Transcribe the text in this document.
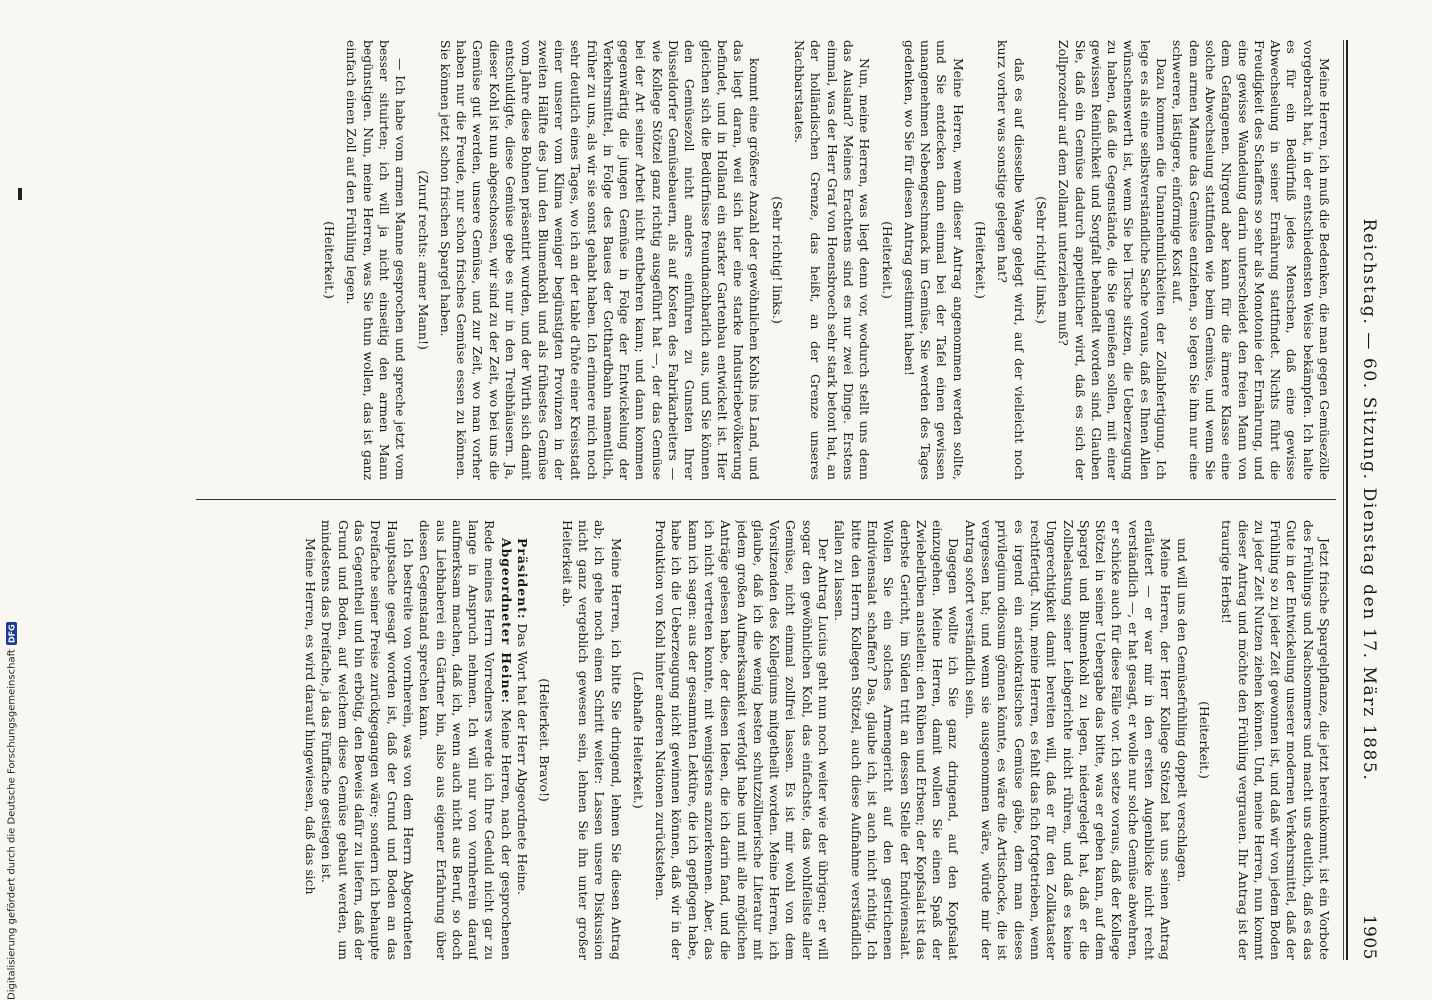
Reichstag. — 60. Sitzung. Dienstag den 17. März 1885.
1905

Meine Herren, ich muß die Bedenken, die man gegen Gemüsezölle vorgebracht hat, in der entschiedensten Weise bekämpfen. Ich halte es für ein Bedürfniß jedes Menschen, daß eine gewisse Abwechselung in seiner Ernährung stattfindet. Nichts führt die Freudigkeit des Schaffens so sehr als Monotonie der Ernährung, und eine gewisse Wandelung darin unterscheidet den freien Mann von dem Gefangenen. Nirgend aber kann für die ärmere Klasse eine solche Abwechselung stattfinden wie beim Gemüse, und wenn Sie dem armen Manne das Gemüse entziehen, so legen Sie ihm nur eine schwerere, lästigere, einförmige Kost auf.

Dazu kommen die Unannehmlichkeiten der Zollabfertigung. Ich lege es als eine selbstverständliche Sache voraus, daß es Ihnen Allen wünschenswerth ist, wenn Sie bei Tische sitzen, die Ueberzeugung zu haben, daß die Gegenstände, die Sie genießen sollen, mit einer gewissen Reinlichkeit und Sorgfalt behandelt worden sind. Glauben Sie, daß ein Gemüse dadurch appetitlicher wird, daß es sich der Zollprozedur auf dem Zollamt unterziehen muß?

(Sehr richtig! links.)

daß es auf diesselbe Waage gelegt wird, auf der vielleicht noch kurz vorher was sonstige gelegen hat?

(Heiterkeit.)

Meine Herren, wenn dieser Antrag angenommen werden sollte, und Sie entdecken dann einmal bei der Tafel einen gewissen unangenehmen Nebengeschmack im Gemüse, Sie werden des Tages gedenken, wo Sie für diesen Antrag gestimmt haben!

(Heiterkeit.)

Nun, meine Herren, was liegt denn vor, wodurch stellt uns denn das Ausland? Meines Erachtens sind es nur zwei Dinge. Erstens einmal, was der Herr Graf von Hoensbroech sehr stark betont hat, an der holländischen Grenze, das heißt, an der Grenze unseres Nachbarstaates.

(Sehr richtig! links.)

kommt eine größere Anzahl der gewöhnlichen Kohls ins Land, und das liegt daran, weil sich hier eine starke Industriebevölkerung befindet, und in Holland ein starker Gartenbau entwickelt ist. Hier gleichen sich die Bedürfnisse freundnachbarlich aus, und Sie können den Gemüsezoll nicht anders einführen zu Gunsten Ihrer Düsseldorfer Gemüsebauern, als auf Kosten des Fabrikarbeiters — wie Kollege Stötzel ganz richtig ausgeführt hat —, der das Gemüse bei der Art seiner Arbeit nicht entbehren kann; und dann kommen gegenwärtig die jungen Gemüse in Folge der Entwickelung der Verkehrsmittel, in Folge des Baues der Gotthardbahn namentlich, früher zu uns, als wir sie sonst gehabt haben. Ich erinnere mich noch sehr deutlich eines Tages, wo ich an der table d'hôte einer Kreisstadt einer unserer vom Klima weniger begünstigten Provinzen in der zweiten Hälfte des Juni den Blumenkohl und als frühestes Gemüse vom Jahre diese Bohnen präsentirt wurden, und der Wirth sich damit entschuldigte, diese Gemüse gebe es nur in den Treibhäusern. Ja, dieser Kohl ist nun abgeschossen, wir sind zu der Zeit, wo bei uns die Gemüse gut werden, unsere Gemüse, und zur Zeit, wo man vorher haben nur die Freude, nur schon frisches Gemüse essen zu können. Sie können jetzt schon frischen Spargel haben.

(Zuruf rechts: armer Mann!)

— Ich habe vom armen Manne gesprochen und spreche jetzt vom besser situirten; ich will ja nicht einseitig den armen Mann begünstigen. Nun, meine Herren, was Sie thun wollen, das ist ganz einfach einen Zoll auf den Frühling legen.

(Heiterkeit.)

Jetzt frische Spargelpflanze, die jetzt hereinkommt, ist ein Vorbote des Frühlings und Nachsommers und macht uns deutlich, daß es das Gute in der Entwickelung unserer modernen Verkehrsmittel, daß der Frühling so zu jeder Zeit gewonnen ist, und daß wir von jedem Boden zu jeder Zeit Nutzen ziehen können. Und, meine Herren, nun kommt dieser Antrag und möchte den Frühling vergrauen. Ihr Antrag ist der traurige Herbst!

(Heiterkeit.)

und will uns den Gemüsefrühling doppelt verschlagen.

Meine Herren, der Herr Kollege Stötzel hat uns seinen Antrag erläutert — er war mir in den ersten Augenblicke nicht recht verständlich —, er hat gesagt, er wolle nur solche Gemüse abwehren, er schicke auch für diese Fälle vor. Ich setze voraus, daß der Kollege Stötzel in seiner Uebergabe das bitte, was er geben kann, auf dem Spargel und Blumenkohl zu legen, niedergelegt hat, daß er die Zollbelastung seiner Leibgerichte nicht rühren, und daß es keine Ungerechtigkeit damit bereiten will, daß er für den Zollkataster rechtfertigt. Nun, meine Herren, es fehlt das fich fortgetrieben, wenn es irgend ein aristokratisches Gemüse gäbe, dem man dieses privilegium odiosum gönnen könnte, es wäre die Artischocke, die ist vergessen hat; und wenn sie ausgenommen wäre, würde mir der Antrag sofort verständlich sein.

Dagegen wollte ich Sie ganz dringend, auf den Kopfsalat einzugehen. Meine Herren, damit wollen Sie einen Spaß der Zwiebelrüben anstellen: den Rüben und Erbsen; der Kopfsalat ist das derbste Gericht, im Süden tritt an dessen Stelle der Endiviensalat. Wollen Sie ein solches Armengericht auf den gestrichenen Endiviensalat schaffen? Das, glaube ich, ist auch nicht richtig. Ich bitte den Herrn Kollegen Stötzel, auch diese Aufnahme verständlich fallen zu lassen.

Der Antrag Lucius geht nun noch weiter wie der übrigen; er will sogar den gewöhnlichen Kohl, das einfachste, das wohlfeilste aller Gemüse, nicht einmal zollfrei lassen. Es ist mir wohl von dem Vorsitzenden des Kollegiums mitgetheilt worden. Meine Herren, ich glaube, daß ich die wenig besten schutzzöllnerische Literatur mit jedem großen Aufmerksamkeit verfolgt habe und mit alle möglichen Anträge gelesen habe, der diesen Ideen, die ich darin fand, und die ich nicht vertreten konnte, mit wenigstens anzuerkennen. Aber, das kann ich sagen: aus der gesammten Lektüre, die ich gepflogen habe, habe ich die Ueberzeugung nicht gewinnen können, daß wir in der Produktion von Kohl hinter anderen Nationen zurückstehen.

(Lebhafte Heiterkeit.)

Meine Herren, ich bitte Sie dringend, lehnen Sie diesen Antrag ab; ich gehe noch einen Schritt weiter: Lassen unsere Diskussion nicht ganz vergeblich gewesen sein, lehnen Sie ihn unter großer Heiterkeit ab.

(Heiterkeit. Bravo!)

Präsident: Das Wort hat der Herr Abgeordnete Heine.

Abgeordneter Heine: Meine Herren, nach der gesprochenen Rede meines Herrn Vorredners werde ich Ihre Geduld nicht gar zu lange in Anspruch nehmen. Ich will nur von vornherein darauf aufmerksam machen, daß ich, wenn auch nicht aus Beruf, so doch aus Liebhaberei ein Gärtner bin, also aus eigener Erfahrung über diesen Gegenstand sprechen kann.

Ich bestreite von vornherein, was von dem Herrn Abgeordneten Hauptsache gesagt worden ist, daß der Grund und Boden an das Dreifache seiner Preise zurückgegangen wäre; sondern ich behaupte das Gegentheil und bin erbötig, den Beweis dafür zu liefern, daß der Grund und Boden, auf welchem diese Gemüse gebaut werden, um mindestens das Dreifache, ja das Fünffache gestiegen ist.

Meine Herren, es wird darauf hingewiesen, daß das sich

Digitalisierung gefördert durch die Deutsche Forschungsgemeinschaft
DFG
